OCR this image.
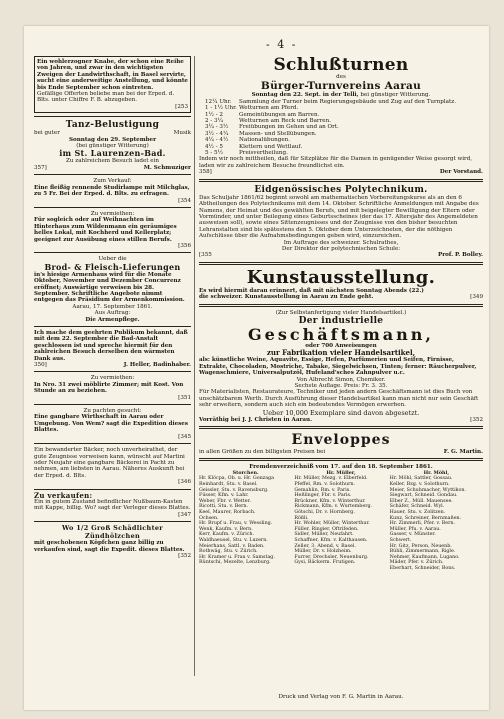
- 4 -
Ein wohlerzogner Knabe, der schon eine Reihe von Jahren, und zwar in den wichtigsten Zweigen der Landwirthschaft, in Basel servirte, sucht eine anderweitige Anstellung, und könnte bis Ende September schon eintreten.
Gefällige Offerten beliebe man bei der Erped. d. Blts. unter Chiffre F. B. abzugeben.
[253
Tanz-Belustigung
bei guter	Musik
Sonntag den 29. September
(bei günstiger Witterung)
im St. Laurenzen-Bad.
Zu zahlreichem Besuch ladet ein
357]	M. Schmuziger
Zum Verkauf:
Eine fleißig rennende Studirlampe mit Milchglas, zu 5 Fr. Bei der Erped. d. Blts. zu erfragen.
[354
Zu vermiethen:
Für sogleich oder auf Weihnachten im Hinterhaus zum Wildenmann ein geräumiges helles Lokal, mit Kochherd und Kellerplatz; geeignet zur Ausübung eines stillen Berufs.
[356
Ueber die
Brod- & Fleisch-Lieferungen
in's hiesige Armenhaus wird für die Monate Oktober, November und Dezember Concurrenz eröffnet; Auswärtige verweisen bis 28. September. Schriftliche Angebote nimmt entgegen das Präsidium der Armenkommission.
Aarau, 17. September 1861.
Aus Auftrag:
Die Armenpflege.
Ich mache dem geehrten Publikum bekannt, daß mit dem 22. September die Bad-Anstalt geschlossen ist und spreche hiermit für den zahlreichen Besuch derselben den wärmsten Dank aus.
350]	J. Heller, Badinhaber.
Zu vermiethen:
In Nro. 31 zwei möblirte Zimmer; mit Kost. Von Stunde an zu beziehen.
[351
Zu pachten gesucht:
Eine gangbare Wirthschaft in Aarau oder Umgebung. Von Wem? sagt die Expedition dieses Blattes.
[345
Ein bewanderter Bäcker, noch unverheirathet, der gute Zeugnisse vorweisen kann, wünscht auf Martini oder Neujahr eine gangbare Bäckerei in Pacht zu nehmen, am liebsten in Aarau. Näheres Auskunft bei der Erped. d. Blts.
[346
Zu verkaufen:
Ein in gutem Zustand befindlicher Nußbaum-Kasten mit Kappe, billig. Wo? sagt der Verleger dieses Blattes.
[347
Wo 1/2 Groß Schädlichter Zündhölzchen
mit geschobenen Köpfchen ganz billig zu verkaufen sind, sagt die Expedit. dieses Blattes.
[352
Schlußturnen
des
Bürger-Turnvereins Aarau
Sonntag den 22. Sept. in der Telli, bei günstiger Witterung.
12¼ Uhr.	Sammlung der Turner beim Regierungsgebäude und Zug auf den Turnplatz.
1 - 1½ Uhr. Wetturnen am Pferd.
1½ - 2	Gemeinübungen am Barren.
2 - 3¼	Wetturnen am Reck und Barren.
3¼ - 3½	Freiübungen im Gehen und an Ort.
3½ - 4¼	Massen- und Stellübungen.
4¼ - 4½	Nationalübungen.
4½ - 5	Klettern und Wettlauf.
5 - 5½	Preisvertheilung.
Indem wir noch mittheilen, daß für Sitzplätze für die Damen in genügender Weise gesorgt wird, laden wir zu zahlreichem Besuche freundlichst ein.
358]	Der Vorstand.
Eidgenössisches Polytechnikum.
Das Schuljahr 1861/62 beginnt sowohl am mathematischen Vorbereitungskurse als an den 6 Abtheilungen des Polytechnikums mit dem 14. Oktober. Schriftliche Anmeldungen mit Angabe des Namens, der Heimat und des gewählten Berufs, und mit beigelegter Bewilligung der Eltern oder Vormünder, und unter Beilegung eines Geburtsscheines (der das 17. Altersjahr des Angemeldeten ausweisen soll), sowie eines Sittenzeugnisses und der Zeugnisse von den bisher besuchten Lehranstalten sind bis spätestens den 5. Oktober dem Unterzeichneten, der die nöthigen Aufschlüsse über die Aufnahmsbedingungen geben wird, einzureichen.
Im Auftrage des schweizer. Schulrathes,
Der Direktor der polytechnischen Schule:
[355	Prof. P. Bolley.
Kunstausstellung.
Es wird hiermit daran erinnert, daß mit nächsten Sonntag Abends (22.)
die schweizer. Kunstausstellung in Aarau zu Ende geht.	[349
(Zur Selbstanfertigung vieler Handelsartikel.)
Der industrielle
Geschäftsmann,
oder 700 Anweisungen
zur Fabrikation vieler Handelsartikel,
als: künstliche Weine, Aquavite, Essige, Hefen, Parfümerien und Seifen, Firnisse, Extrakte, Chocoladen, Mostriche, Tabake, Siegelwichsen, Tinten; ferner: Räucherpulver, Wagenschmiere, Universalputzöl, Hufeland'sches Zahnpulver u.c.
Von Albrecht Simon, Chemiker.
Sechste Auflage. Preis: Fr. 3. 35.
Für Materialisten, Restaurateure, Techniker und jeden andern Geschäftsmann ist dies Buch von unschätzbarem Werth. Durch Ausführung dieser Handelsartikel kann man nicht nur sein Geschäft sehr erweitern, sondern auch sich ein bedeutendes Vermögen erwerben.
Ueber 10,000 Exemplare sind davon abgesetzt.
Vorräthig bei J. J. Christen in Aarau.	[352
Enveloppes
in allen Größen zu den billigsten Preisen bei	F. G. Martin.
Fremdenverzeichniß vom 17. auf den 18. September 1861.
Storchen.
Hr. Klöcpa, Ob. u. Hr. Gonzaga
Reinhardt, Stu. v. Basel.
Geissler, Stu. v. Ravensburg.
Füsser, Kfm. v. Lahr.
Weber, Fbr. v. Wetter.
Ricotti, Stu. v. Bern.
Keel, Maurer, Rorbach.
Ochsen.
Hr. Brupf u. Frau, v. Wessling.
Wenk, Kaufm. v. Bern.
Kerr, Kaufm. v. Zürich.
Waldhaeusel, Stu. v. Luzern.
Meierhans, Sattl. v. Baden.
Rothwäg, Stu. v. Zürich.
Hr. Kramer u. Frau v. Samstag.
Rüntschi, Mezelte, Lenzburg.
Hr. Müller,
Hr. Müller, Mezg. v. Elberfeld.
Pfeffel, Rm. v. Solothurn.
Gemahlin, Rm. v. Paris.
Heßlinger, Fbr. v. Paris.
Brückner, Kfm. v. Winterthur.
Rickmann, Kfm. v. Wurtemberg.
Götschi, Dr. v. Hornberg.
Rößli.
Hr. Wohler, Müller, Winterthur.
Füller, Ringier, Oftrifeden.
Sidler, Müller, Neufahrt.
Schaffner, Kfm. v. Kalthausen.
Zeller, 3. Abend, v. Basel.
Müller, Dr. v. Holzheim.
Furrer, Drechsler, Neuenburg.
Gysi, Bäckerm. Frutigen.
Hr. Möhl,
Hr. Möhl, Sattler, Gossau.
Keller, Bzg. v. Solothurn.
Meier, Schuhmacher, Wyttikon.
Siegwart, Schneid. Gondau.
Elber Z., Müll. Mauensee.
Schäfer, Schneid. Wyl.
Hauer, Stu. v. Zolitzen.
Kunz, Schreiner, Bernmaßen.
Hr. Zimmerli, Pfer. v. Bern.
Müller, Pfu. v. Aarau.
Gasser, v. Münster.
Schwert.
Hr. Gitz, Person, Neuenb.
Bühli, Zimmermann, Rigle.
Nehmer, Kaufmann, Lugano.
Mäder, Pfer. v. Zürich.
Eberhart, Schneider, Bons.
Druck und Verlag von F. G. Martin in Aarau.
